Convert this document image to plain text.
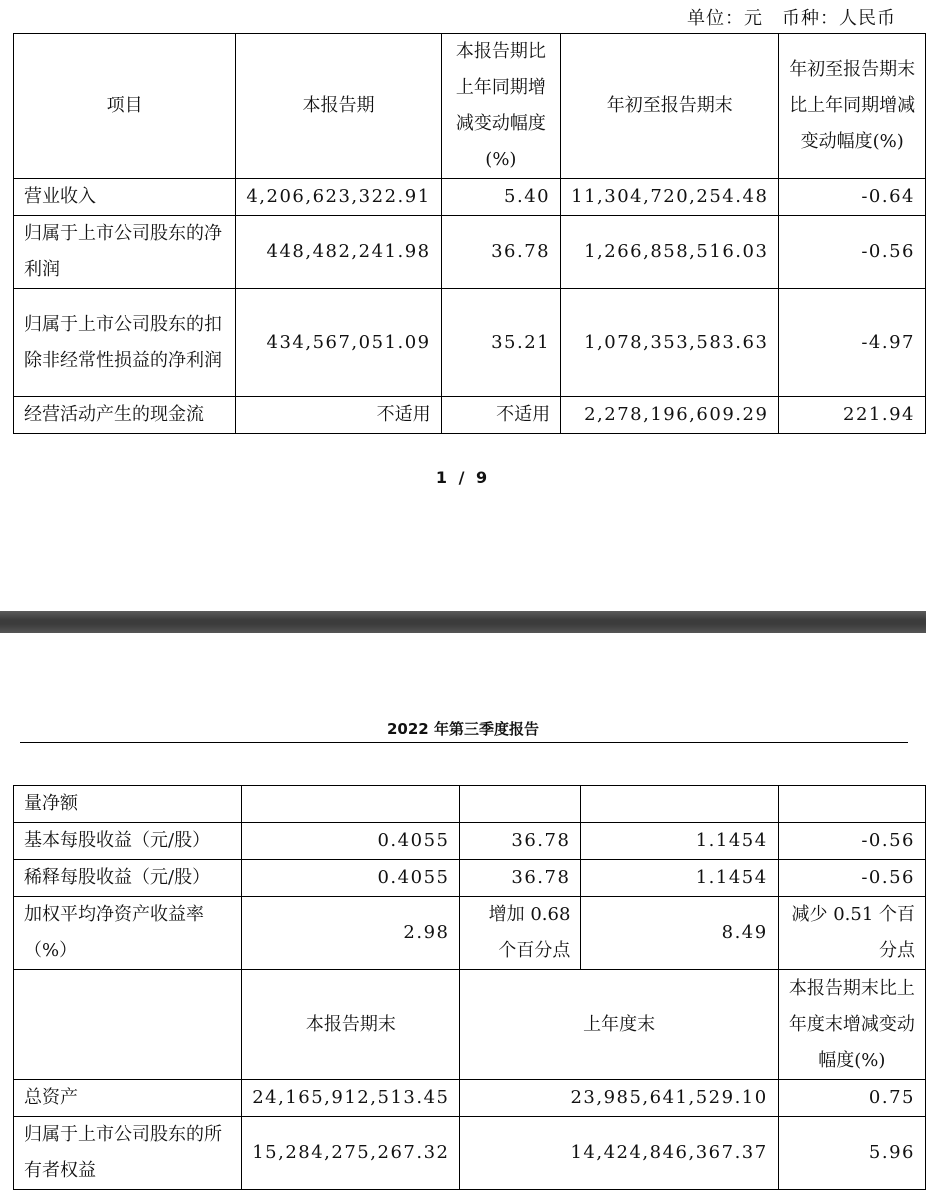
单位：元　币种：人民币
项目	本报告期	本报告期比上年同期增减变动幅度(%)	年初至报告期末	年初至报告期末比上年同期增减变动幅度(%)
营业收入	4,206,623,322.91	5.40	11,304,720,254.48	-0.64
归属于上市公司股东的净利润	448,482,241.98	36.78	1,266,858,516.03	-0.56
归属于上市公司股东的扣除非经常性损益的净利润	434,567,051.09	35.21	1,078,353,583.63	-4.97
经营活动产生的现金流	不适用	不适用	2,278,196,609.29	221.94
1 / 9
2022 年第三季度报告
量净额				
基本每股收益（元/股）	0.4055	36.78	1.1454	-0.56
稀释每股收益（元/股）	0.4055	36.78	1.1454	-0.56
加权平均净资产收益率（%）	2.98	增加 0.68 个百分点	8.49	减少 0.51 个百分点
	本报告期末	上年度末		本报告期末比上年度末增减变动幅度(%)
总资产	24,165,912,513.45	23,985,641,529.10		0.75
归属于上市公司股东的所有者权益	15,284,275,267.32	14,424,846,367.37		5.96
